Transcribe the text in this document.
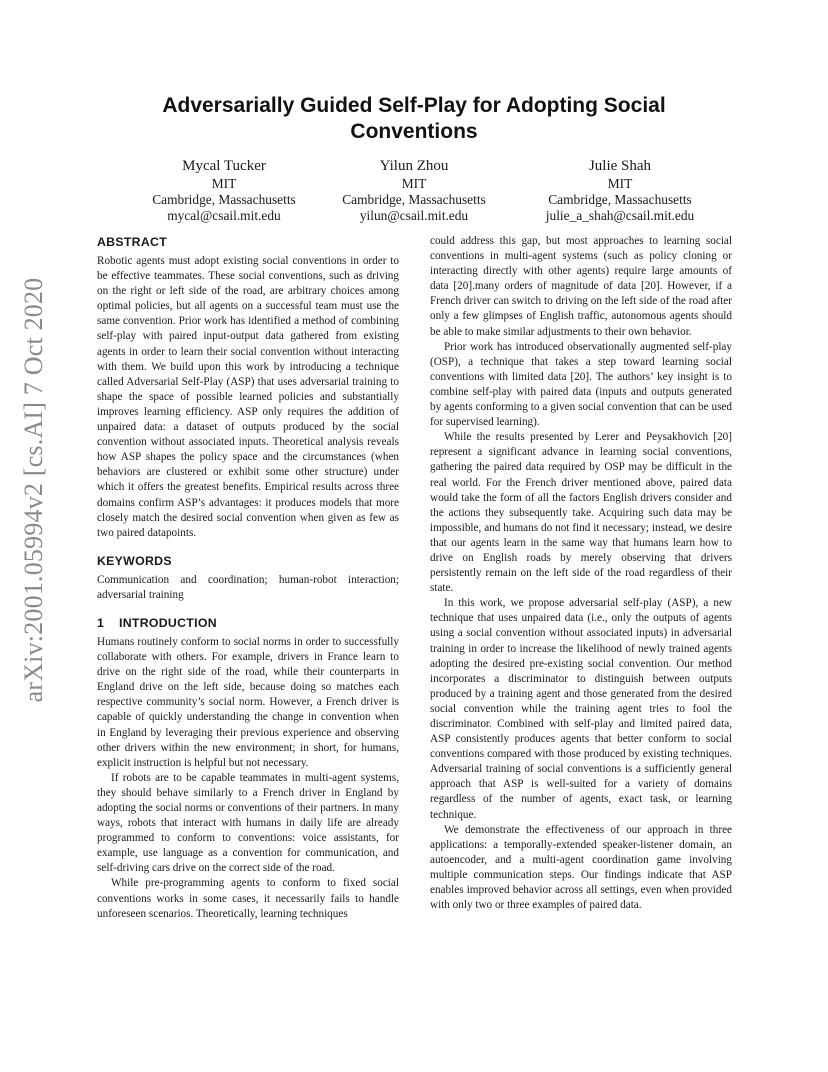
arXiv:2001.05994v2 [cs.AI] 7 Oct 2020
Adversarially Guided Self-Play for Adopting Social Conventions
Mycal Tucker
MIT
Cambridge, Massachusetts
mycal@csail.mit.edu
Yilun Zhou
MIT
Cambridge, Massachusetts
yilun@csail.mit.edu
Julie Shah
MIT
Cambridge, Massachusetts
julie_a_shah@csail.mit.edu
ABSTRACT

Robotic agents must adopt existing social conventions in order to be effective teammates. These social conventions, such as driving on the right or left side of the road, are arbitrary choices among optimal policies, but all agents on a successful team must use the same convention. Prior work has identified a method of combining self-play with paired input-output data gathered from existing agents in order to learn their social convention without interacting with them. We build upon this work by introducing a technique called Adversarial Self-Play (ASP) that uses adversarial training to shape the space of possible learned policies and substantially improves learning efficiency. ASP only requires the addition of unpaired data: a dataset of outputs produced by the social convention without associated inputs. Theoretical analysis reveals how ASP shapes the policy space and the circumstances (when behaviors are clustered or exhibit some other structure) under which it offers the greatest benefits. Empirical results across three domains confirm ASP’s advantages: it produces models that more closely match the desired social convention when given as few as two paired datapoints.

KEYWORDS

Communication and coordination; human-robot interaction; adversarial training

1 INTRODUCTION

Humans routinely conform to social norms in order to successfully collaborate with others. For example, drivers in France learn to drive on the right side of the road, while their counterparts in England drive on the left side, because doing so matches each respective community’s social norm. However, a French driver is capable of quickly understanding the change in convention when in England by leveraging their previous experience and observing other drivers within the new environment; in short, for humans, explicit instruction is helpful but not necessary.

If robots are to be capable teammates in multi-agent systems, they should behave similarly to a French driver in England by adopting the social norms or conventions of their partners. In many ways, robots that interact with humans in daily life are already programmed to conform to conventions: voice assistants, for example, use language as a convention for communication, and self-driving cars drive on the correct side of the road.

While pre-programming agents to conform to fixed social conventions works in some cases, it necessarily fails to handle unforeseen scenarios. Theoretically, learning techniques

could address this gap, but most approaches to learning social conventions in multi-agent systems (such as policy cloning or interacting directly with other agents) require large amounts of data [20].many orders of magnitude of data [20]. However, if a French driver can switch to driving on the left side of the road after only a few glimpses of English traffic, autonomous agents should be able to make similar adjustments to their own behavior.

Prior work has introduced observationally augmented self-play (OSP), a technique that takes a step toward learning social conventions with limited data [20]. The authors’ key insight is to combine self-play with paired data (inputs and outputs generated by agents conforming to a given social convention that can be used for supervised learning).

While the results presented by Lerer and Peysakhovich [20] represent a significant advance in learning social conventions, gathering the paired data required by OSP may be difficult in the real world. For the French driver mentioned above, paired data would take the form of all the factors English drivers consider and the actions they subsequently take. Acquiring such data may be impossible, and humans do not find it necessary; instead, we desire that our agents learn in the same way that humans learn how to drive on English roads by merely observing that drivers persistently remain on the left side of the road regardless of their state.

In this work, we propose adversarial self-play (ASP), a new technique that uses unpaired data (i.e., only the outputs of agents using a social convention without associated inputs) in adversarial training in order to increase the likelihood of newly trained agents adopting the desired pre-existing social convention. Our method incorporates a discriminator to distinguish between outputs produced by a training agent and those generated from the desired social convention while the training agent tries to fool the discriminator. Combined with self-play and limited paired data, ASP consistently produces agents that better conform to social conventions compared with those produced by existing techniques. Adversarial training of social conventions is a sufficiently general approach that ASP is well-suited for a variety of domains regardless of the number of agents, exact task, or learning technique.

We demonstrate the effectiveness of our approach in three applications: a temporally-extended speaker-listener domain, an autoencoder, and a multi-agent coordination game involving multiple communication steps. Our findings indicate that ASP enables improved behavior across all settings, even when provided with only two or three examples of paired data.
